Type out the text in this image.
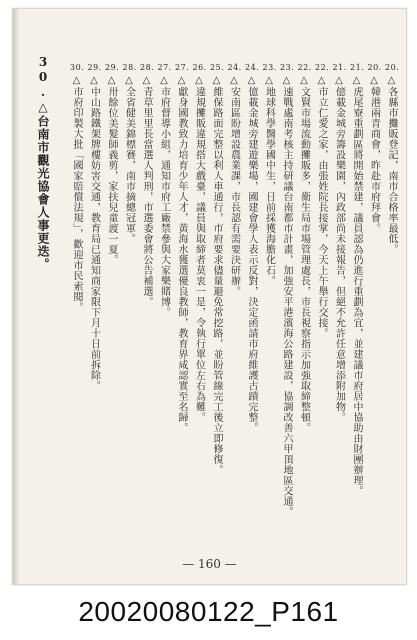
30.△台南市觀光協會人事更迭。	20.△各縣市攤販登記，南市合格率最低。
20.△韓港兩青商會，昨赴市府拜會。
21.△虎尾寮重劃區將開始禁建，議員認為仍進行重劃為宜，並建議市府居中協助由財團辦理。
21.△億載金城旁籌設樂園，內政部尚未接報告，但絕不允許任意增添附加物。
22.△市立仁愛之家，由張姓院長接掌，今天上午舉行交接。
22.△文賢市場流動攤販多，衛生局市場管理處長，市長視察指示加強取締整頓。
23.△速戰處南考核主持研議台南都市計畫，加強安平港濱海公路建設，協調改善六甲頂地區交通。
23.△地球科學醫學國中生，日前採獲海膽化石。
24.△億載金城旁建遊樂場，國建會學人表示反對，決定函請市府維護古蹟完整。
24.△安南區盼增設農業課，市長認有需要決研辦。
25.△維保路面完整以利人車通行，市府要求儘量避免常挖路，並盼管線完工後立即修復。
26.△違規攤販違規搭大戲臺，議員與取締者莫衷一是，令執行單位左右為難。
27.△獻身國教致力培育少年人才，黃海水獲選優良教師，教育界咸認實至名歸。
27.△市府督導小組，通知市府工廠禁參與大家樂賭博。
28.△青草里里長當選人判刑，市選委會將公告補選。
28.△全省健美錦標賽，南市摘總冠軍。
29.△卅餘位美髮師義剪，家扶兒童渡一夏。
29.△中山路鐵架牌樓妨害交通，教育局已通知商家限下月十日前拆除。
30.△市府印製大批「國家賠償法規」，歡迎市民索閱。
— 160 —
20020080122_P161
